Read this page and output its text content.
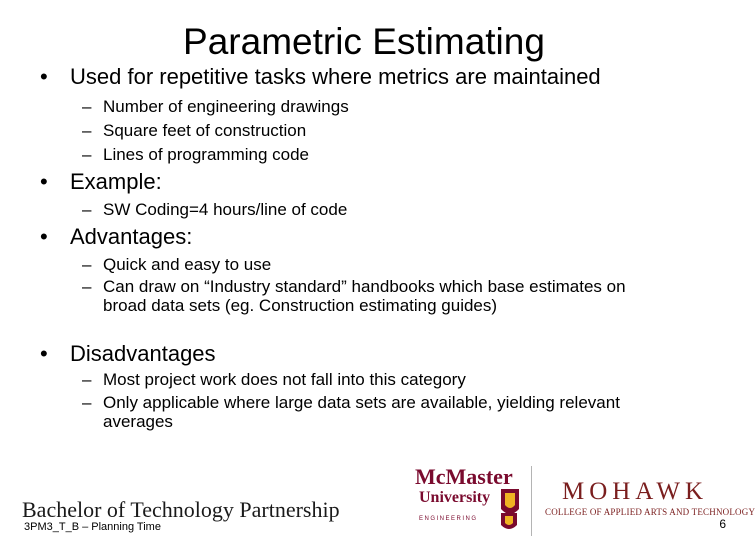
Parametric Estimating
• Used for repetitive tasks where metrics are maintained
– Number of engineering drawings
– Square feet of construction
– Lines of programming code
• Example:
– SW Coding=4 hours/line of code
• Advantages:
– Quick and easy to use
– Can draw on “Industry standard” handbooks which base estimates on broad data sets (eg. Construction estimating guides)
• Disadvantages
– Most project work does not fall into this category
– Only applicable where large data sets are available, yielding relevant averages
Bachelor of Technology Partnership
3PM3_T_B – Planning Time	6
McMaster
University
ENGINEERING
MOHAWK
COLLEGE OF APPLIED ARTS AND TECHNOLOGY
